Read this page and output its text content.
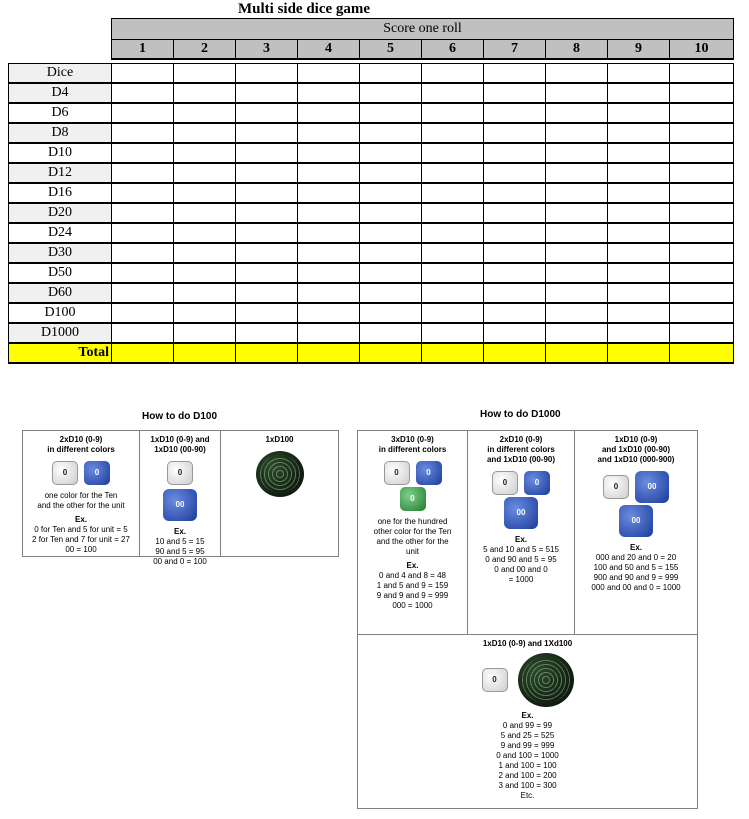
Multi side dice game
	Score one roll									
	1	2	3	4	5	6	7	8	9	10

Dice										
D4										
D6										
D8										
D10										
D12										
D16										
D20										
D24										
D30										
D50										
D60										
D100										
D1000										
Total										
How to do D100

2xD10 (0-9)

in different colors

0	0

one color for the Ten

and the other for the unit

Ex.

0 for Ten and 5 for unit = 5

2 for Ten and 7 for unit = 27

00 = 100

1xD10 (0-9) and

1xD10 (00-90)

0
00
Ex.

10 and 5 = 15

90 and 5 = 95

00 and 0 = 100

1xD100

How to do D1000

3xD10 (0-9)

in different colors

0	0
0

one for the hundred

other color for the Ten

and the other for the

unit

Ex.

0 and 4 and 8 = 48

1 and 5 and 9 = 159

9 and 9 and 9 = 999

000 = 1000

2xD10 (0-9)

in different colors

and 1xD10 (00-90)

0	0
00
Ex.

5 and 10 and 5 = 515

0 and 90 and 5 = 95

0 and 00 and 0

= 1000

1xD10 (0-9)

and 1xD10 (00-90)

and 1xD10 (000-900)

0	00
00
Ex.

000 and 20 and 0 = 20

100 and 50 and 5 = 155

900 and 90 and 9 = 999

000 and 00 and 0 = 1000

1xD10 (0-9) and 1Xd100

0
Ex.

0 and 99 = 99

5 and 25 = 525

9 and 99 = 999

0 and 100 = 1000

1 and 100 = 100

2 and 100 = 200

3 and 100 = 300

Etc.
